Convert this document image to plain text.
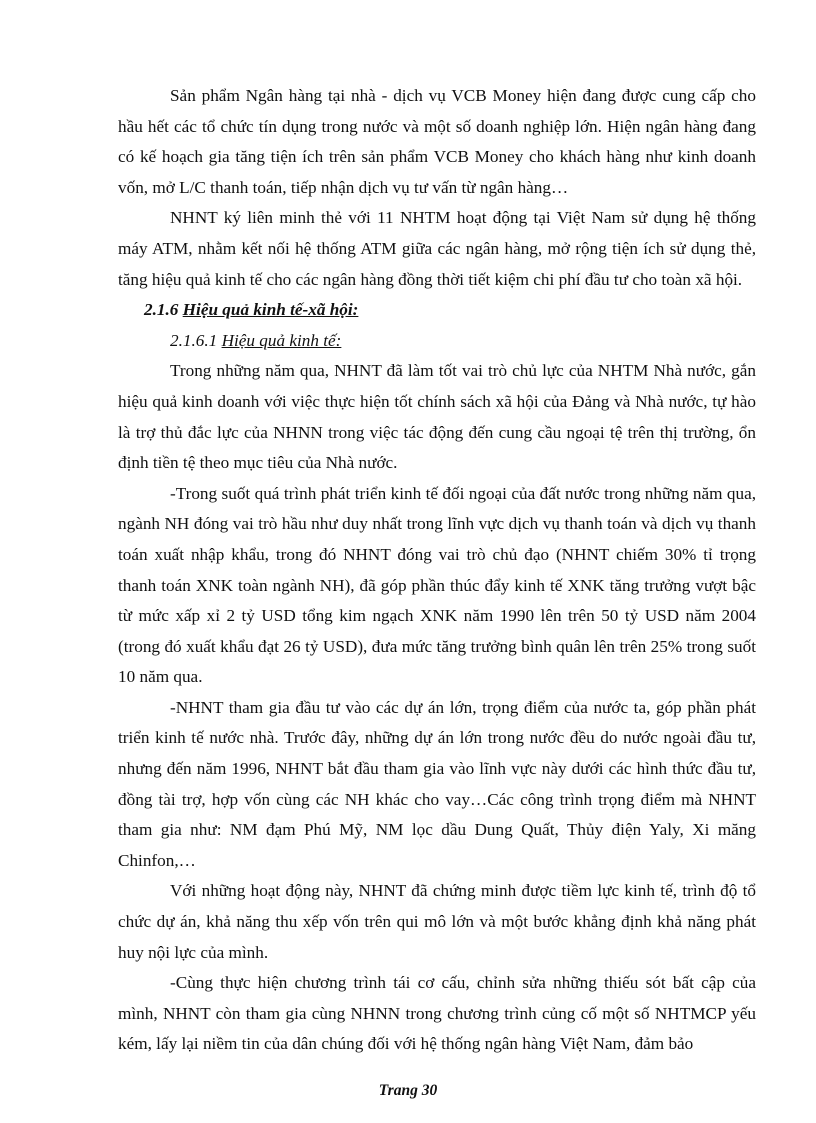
Sản phẩm Ngân hàng tại nhà - dịch vụ VCB Money hiện đang được cung cấp cho hầu hết các tổ chức tín dụng trong nước và một số doanh nghiệp lớn. Hiện ngân hàng đang có kế hoạch gia tăng tiện ích trên sản phẩm VCB Money cho khách hàng như kinh doanh vốn, mở L/C thanh toán, tiếp nhận dịch vụ tư vấn từ ngân hàng…

NHNT ký liên minh thẻ với 11 NHTM hoạt động tại Việt Nam sử dụng hệ thống máy ATM, nhằm kết nối hệ thống ATM giữa các ngân hàng, mở rộng tiện ích sử dụng thẻ, tăng hiệu quả kinh tế cho các ngân hàng đồng thời tiết kiệm chi phí đầu tư cho toàn xã hội.

2.1.6 Hiệu quả kinh tế-xã hội:

2.1.6.1 Hiệu quả kinh tế:

Trong những năm qua, NHNT đã làm tốt vai trò chủ lực của NHTM Nhà nước, gắn hiệu quả kinh doanh với việc thực hiện tốt chính sách xã hội của Đảng và Nhà nước, tự hào là trợ thủ đắc lực của NHNN trong việc tác động đến cung cầu ngoại tệ trên thị trường, ổn định tiền tệ theo mục tiêu của Nhà nước.

-Trong suốt quá trình phát triển kinh tế đối ngoại của đất nước trong những năm qua, ngành NH đóng vai trò hầu như duy nhất trong lĩnh vực dịch vụ thanh toán và dịch vụ thanh toán xuất nhập khẩu, trong đó NHNT đóng vai trò chủ đạo (NHNT chiếm 30% tỉ trọng thanh toán XNK toàn ngành NH), đã góp phần thúc đẩy kinh tế XNK tăng trưởng vượt bậc từ mức xấp xỉ 2 tỷ USD tổng kim ngạch XNK năm 1990 lên trên 50 tỷ USD năm 2004 (trong đó xuất khẩu đạt 26 tỷ USD), đưa mức tăng trưởng bình quân lên trên 25% trong suốt 10 năm qua.

-NHNT tham gia đầu tư vào các dự án lớn, trọng điểm của nước ta, góp phần phát triển kinh tế nước nhà. Trước đây, những dự án lớn trong nước đều do nước ngoài đầu tư, nhưng đến năm 1996, NHNT bắt đầu tham gia vào lĩnh vực này dưới các hình thức đầu tư, đồng tài trợ, hợp vốn cùng các NH khác cho vay…Các công trình trọng điểm mà NHNT tham gia như: NM đạm Phú Mỹ, NM lọc dầu Dung Quất, Thủy điện Yaly, Xi măng Chinfon,…

Với những hoạt động này, NHNT đã chứng minh được tiềm lực kinh tế, trình độ tổ chức dự án, khả năng thu xếp vốn trên qui mô lớn và một bước khẳng định khả năng phát huy nội lực của mình.

-Cùng thực hiện chương trình tái cơ cấu, chỉnh sửa những thiếu sót bất cập của mình, NHNT còn tham gia cùng NHNN trong chương trình củng cố một số NHTMCP yếu kém, lấy lại niềm tin của dân chúng đối với hệ thống ngân hàng Việt Nam, đảm bảo

Trang 30
